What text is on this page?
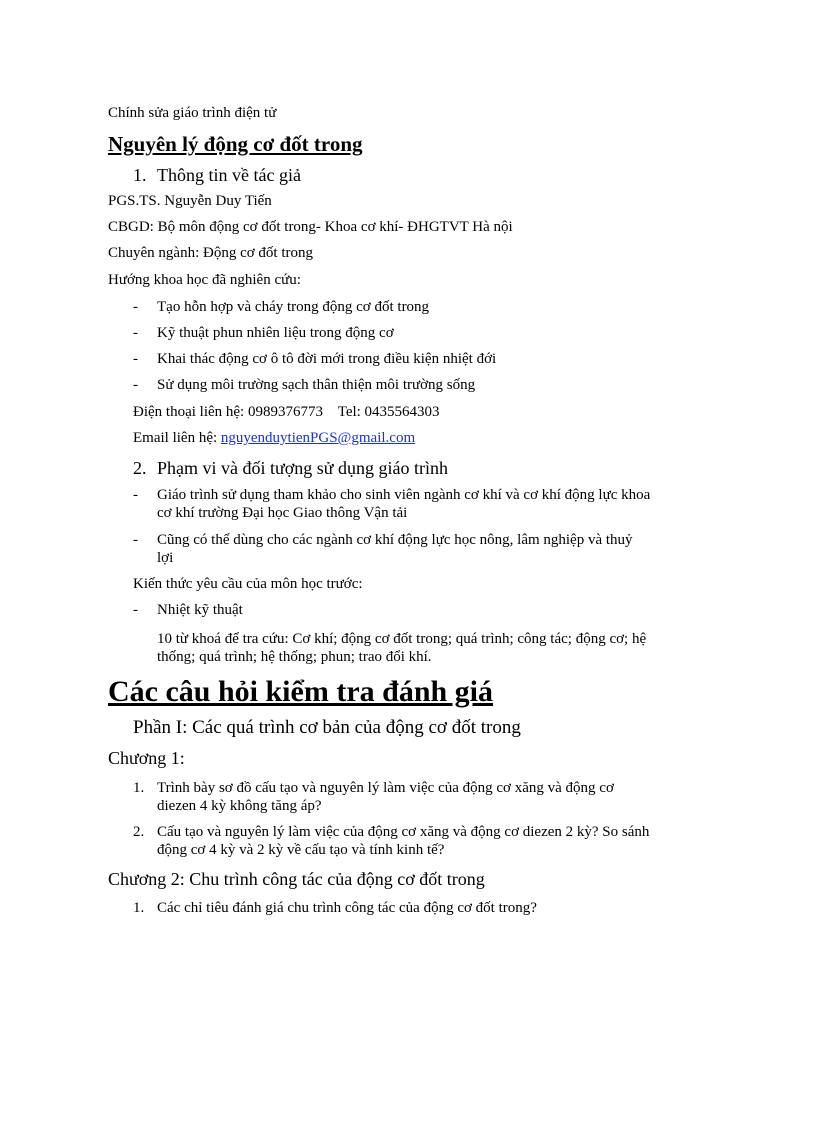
Chính sửa giáo trình điện tử
Nguyên lý động cơ đốt trong
1. Thông tin về tác giả
PGS.TS. Nguyễn Duy Tiến
CBGD: Bộ môn động cơ đốt trong- Khoa cơ khí- ĐHGTVT Hà nội
Chuyên ngành: Động cơ đốt trong
Hướng khoa học đã nghiên cứu:
- Tạo hỗn hợp và cháy trong động cơ đốt trong
- Kỹ thuật phun nhiên liệu trong động cơ
- Khai thác động cơ ô tô đời mới trong điều kiện nhiệt đới
- Sử dụng môi trường sạch thân thiện môi trường sống
Điện thoại liên hệ: 0989376773    Tel: 0435564303
Email liên hệ: nguyenduytienPGS@gmail.com
2. Phạm vi và đối tượng sử dụng giáo trình
- Giáo trình sử dụng tham khảo cho sinh viên ngành cơ khí và cơ khí động lực khoa
cơ khí trường Đại học Giao thông Vận tải
- Cũng có thể dùng cho các ngành cơ khí động lực học nông, lâm nghiệp và thuỷ
lợi
Kiến thức yêu cầu của môn học trước:
- Nhiệt kỹ thuật
10 từ khoá để tra cứu: Cơ khí; động cơ đốt trong; quá trình; công tác; động cơ; hệ
thống; quá trình; hệ thống; phun; trao đổi khí.
Các câu hỏi kiểm tra đánh giá
Phần I: Các quá trình cơ bản của động cơ đốt trong
Chương 1:
1. Trình bày sơ đồ cấu tạo và nguyên lý làm việc của động cơ xăng và động cơ
diezen 4 kỳ không tăng áp?
2. Cấu tạo và nguyên lý làm việc của động cơ xăng và động cơ diezen 2 kỳ? So sánh
động cơ 4 kỳ và 2 kỳ về cấu tạo và tính kinh tế?
Chương 2: Chu trình công tác của động cơ đốt trong
1. Các chỉ tiêu đánh giá chu trình công tác của động cơ đốt trong?
